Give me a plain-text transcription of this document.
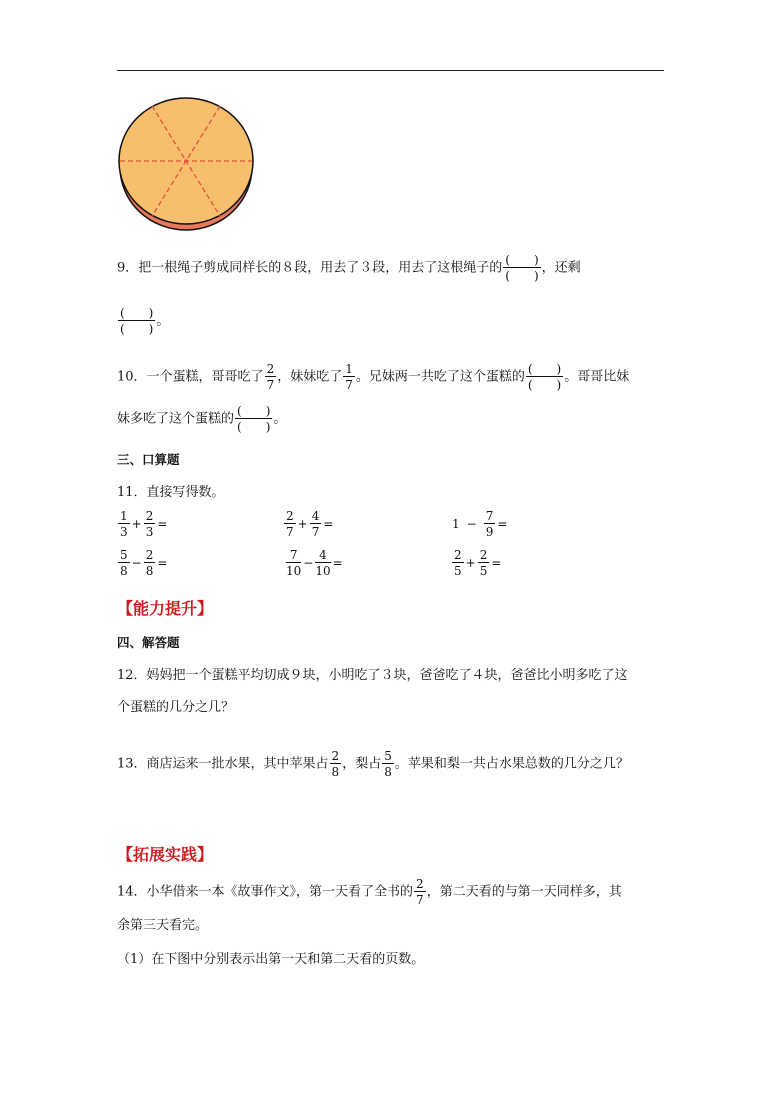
9．把一根绳子剪成同样长的８段，用去了３段，用去了这根绳子的 $\frac{( )}{( )}$ ，还剩
$\frac{( )}{( )}$ 。
10．一个蛋糕，哥哥吃了 $\frac{2}{7}$ ，妹妹吃了 $\frac{1}{7}$ 。兄妹两一共吃了这个蛋糕的 $\frac{( )}{( )}$ 。哥哥比妹
妹多吃了这个蛋糕的 $\frac{( )}{( )}$ 。
三、口算题
11．直接写得数。
$\frac{1}{3} + \frac{2}{3}$ =	$\frac{2}{7} + \frac{4}{7}$ =	$1 - \frac{7}{9}$ =
$\frac{5}{8} - \frac{2}{8}$ =	$\frac{7}{10} - \frac{4}{10}$ =	$\frac{2}{5} + \frac{2}{5}$ =
【能力提升】
四、解答题
12．妈妈把一个蛋糕平均切成９块，小明吃了３块，爸爸吃了４块，爸爸比小明多吃了这
个蛋糕的几分之几？
13．商店运来一批水果，其中苹果占 $\frac{2}{8}$ ，梨占 $\frac{5}{8}$ 。苹果和梨一共占水果总数的几分之几？
【拓展实践】
14．小华借来一本《故事作文》，第一天看了全书的 $\frac{2}{7}$ ，第二天看的与第一天同样多，其
余第三天看完。
（1）在下图中分别表示出第一天和第二天看的页数。
